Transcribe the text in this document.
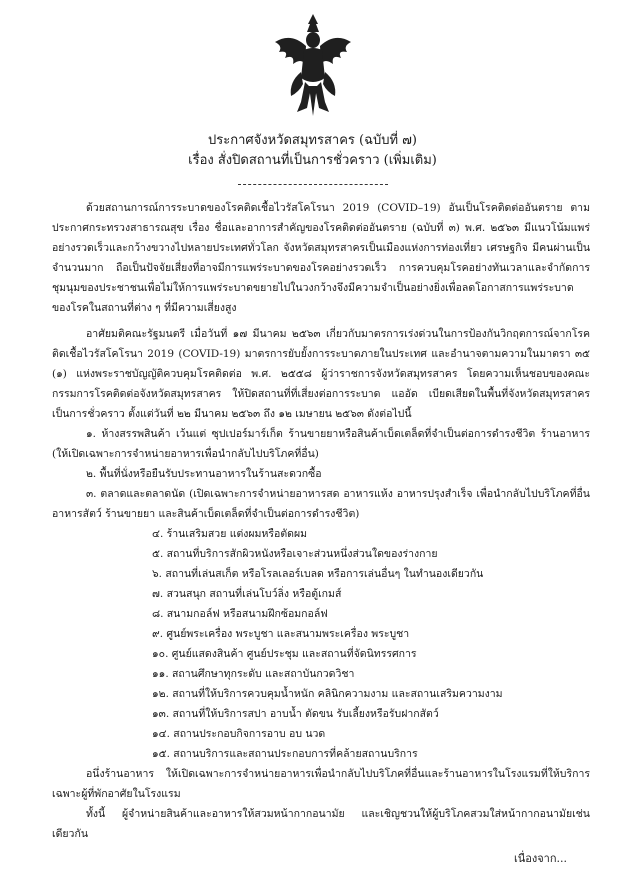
ประกาศจังหวัดสมุทรสาคร (ฉบับที่ ๗)
เรื่อง สั่งปิดสถานที่เป็นการชั่วคราว (เพิ่มเติม)

ด้วยสถานการณ์การระบาดของโรคติดเชื้อไวรัสโคโรนา 2019 (COVID–19) อันเป็นโรคติดต่ออันตราย ตามประกาศกระทรวงสาธารณสุข เรื่อง ชื่อและอาการสำคัญของโรคติดต่ออันตราย (ฉบับที่ ๓) พ.ศ. ๒๕๖๓ มีแนวโน้มแพร่อย่างรวดเร็วและกว้างขวางไปหลายประเทศทั่วโลก จังหวัดสมุทรสาครเป็นเมืองแห่งการท่องเที่ยว เศรษฐกิจ มีคนผ่านเป็นจำนวนมาก ถือเป็นปัจจัยเสี่ยงที่อาจมีการแพร่ระบาดของโรคอย่างรวดเร็ว การควบคุมโรคอย่างทันเวลาและจำกัดการชุมนุมของประชาชนเพื่อไม่ให้การแพร่ระบาดขยายไปในวงกว้างจึงมีความจำเป็นอย่างยิ่งเพื่อลดโอกาสการแพร่ระบาดของโรคในสถานที่ต่าง ๆ ที่มีความเสี่ยงสูง

อาศัยมติคณะรัฐมนตรี เมื่อวันที่ ๑๗ มีนาคม ๒๕๖๓ เกี่ยวกับมาตรการเร่งด่วนในการป้องกันวิกฤตการณ์จากโรคติดเชื้อไวรัสโคโรนา 2019 (COVID-19) มาตรการยับยั้งการระบาดภายในประเทศ และอำนาจตามความในมาตรา ๓๕ (๑) แห่งพระราชบัญญัติควบคุมโรคติดต่อ พ.ศ. ๒๕๕๘ ผู้ว่าราชการจังหวัดสมุทรสาคร โดยความเห็นชอบของคณะกรรมการโรคติดต่อจังหวัดสมุทรสาคร ให้ปิดสถานที่ที่เสี่ยงต่อการระบาด แออัด เบียดเสียดในพื้นที่จังหวัดสมุทรสาครเป็นการชั่วคราว ตั้งแต่วันที่ ๒๒ มีนาคม ๒๕๖๓ ถึง ๑๒ เมษายน ๒๕๖๓ ดังต่อไปนี้

๑. ห้างสรรพสินค้า เว้นแต่ ซุปเปอร์มาร์เก็ต ร้านขายยาหรือสินค้าเบ็ดเตล็ดที่จำเป็นต่อการดำรงชีวิต ร้านอาหาร (ให้เปิดเฉพาะการจำหน่ายอาหารเพื่อนำกลับไปบริโภคที่อื่น)

๒. พื้นที่นั่งหรือยืนรับประทานอาหารในร้านสะดวกซื้อ

๓. ตลาดและตลาดนัด (เปิดเฉพาะการจำหน่ายอาหารสด อาหารแห้ง อาหารปรุงสำเร็จ เพื่อนำกลับไปบริโภคที่อื่น อาหารสัตว์ ร้านขายยา และสินค้าเบ็ดเตล็ดที่จำเป็นต่อการดำรงชีวิต)

๔. ร้านเสริมสวย แต่งผมหรือตัดผม

๕. สถานที่บริการสักผิวหนังหรือเจาะส่วนหนึ่งส่วนใดของร่างกาย

๖. สถานที่เล่นสเก็ต หรือโรลเลอร์เบลด หรือการเล่นอื่นๆ ในทำนองเดียวกัน

๗. สวนสนุก สถานที่เล่นโบว์ลิ่ง หรือตู้เกมส์

๘. สนามกอล์ฟ หรือสนามฝึกซ้อมกอล์ฟ

๙. ศูนย์พระเครื่อง พระบูชา และสนามพระเครื่อง พระบูชา

๑๐. ศูนย์แสดงสินค้า ศูนย์ประชุม และสถานที่จัดนิทรรศการ

๑๑. สถานศึกษาทุกระดับ และสถาบันกวดวิชา

๑๒. สถานที่ให้บริการควบคุมน้ำหนัก คลินิกความงาม และสถานเสริมความงาม

๑๓. สถานที่ให้บริการสปา อาบน้ำ ตัดขน รับเลี้ยงหรือรับฝากสัตว์

๑๔. สถานประกอบกิจการอาบ อบ นวด

๑๕. สถานบริการและสถานประกอบการที่คล้ายสถานบริการ

อนึ่งร้านอาหาร ให้เปิดเฉพาะการจำหน่ายอาหารเพื่อนำกลับไปบริโภคที่อื่นและร้านอาหารในโรงแรมที่ให้บริการเฉพาะผู้ที่พักอาศัยในโรงแรม

ทั้งนี้ ผู้จำหน่ายสินค้าและอาหารให้สวมหน้ากากอนามัย และเชิญชวนให้ผู้บริโภคสวมใส่หน้ากากอนามัยเช่นเดียวกัน

เนื่องจาก...
